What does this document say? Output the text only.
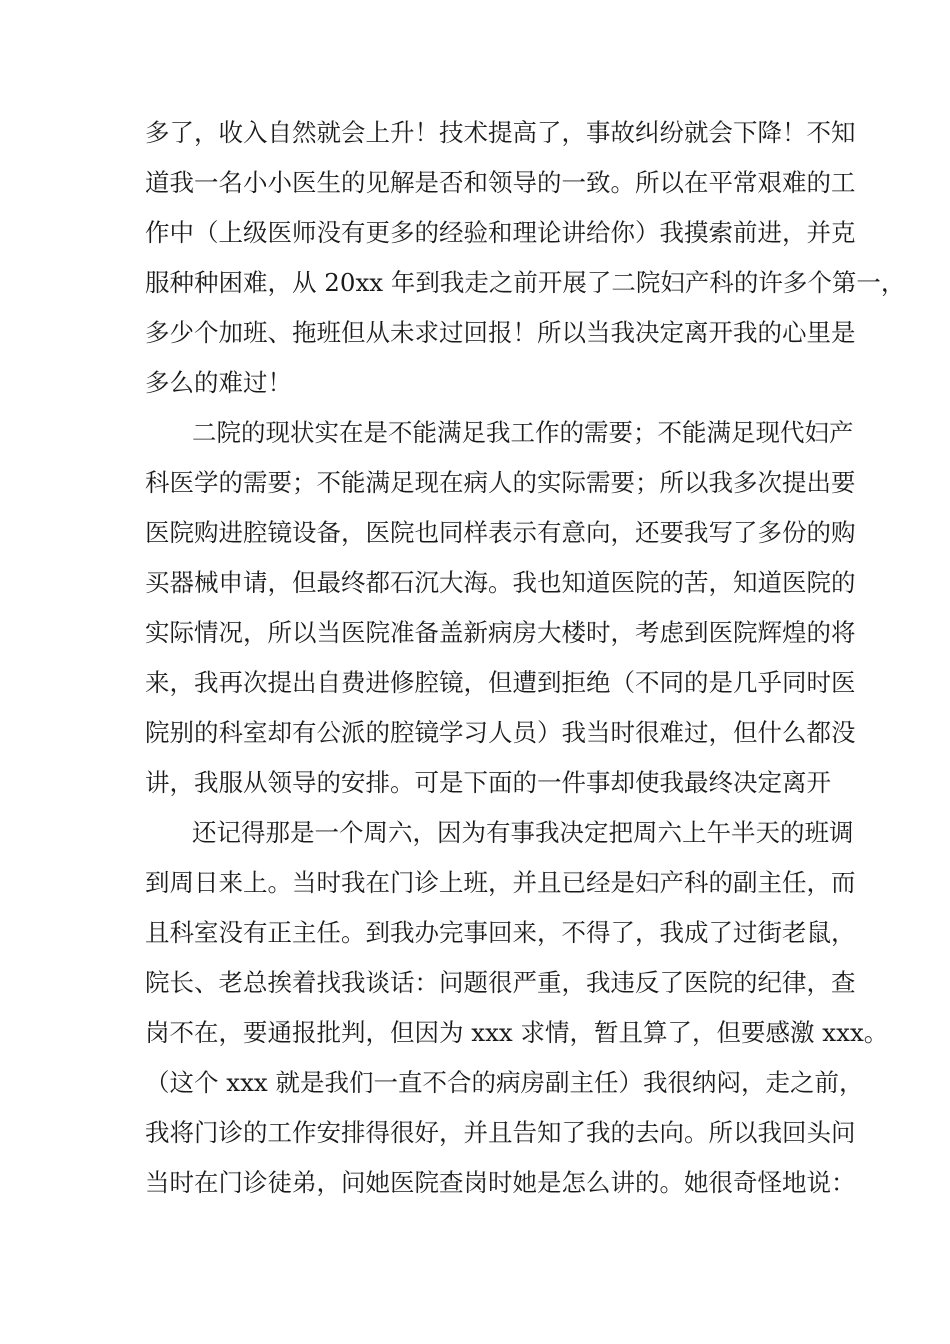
多了，收入自然就会上升！技术提高了，事故纠纷就会下降！不知
道我一名小小医生的见解是否和领导的一致。所以在平常艰难的工
作中（上级医师没有更多的经验和理论讲给你）我摸索前进，并克
服种种困难，从 20xx 年到我走之前开展了二院妇产科的许多个第一，
多少个加班、拖班但从未求过回报！所以当我决定离开我的心里是
多么的难过！
二院的现状实在是不能满足我工作的需要；不能满足现代妇产
科医学的需要；不能满足现在病人的实际需要；所以我多次提出要
医院购进腔镜设备，医院也同样表示有意向，还要我写了多份的购
买器械申请，但最终都石沉大海。我也知道医院的苦，知道医院的
实际情况，所以当医院准备盖新病房大楼时，考虑到医院辉煌的将
来，我再次提出自费进修腔镜，但遭到拒绝（不同的是几乎同时医
院别的科室却有公派的腔镜学习人员）我当时很难过，但什么都没
讲，我服从领导的安排。可是下面的一件事却使我最终决定离开
还记得那是一个周六，因为有事我决定把周六上午半天的班调
到周日来上。当时我在门诊上班，并且已经是妇产科的副主任，而
且科室没有正主任。到我办完事回来，不得了，我成了过街老鼠，
院长、老总挨着找我谈话：问题很严重，我违反了医院的纪律，查
岗不在，要通报批判，但因为 xxx 求情，暂且算了，但要感激 xxx。
（这个 xxx 就是我们一直不合的病房副主任）我很纳闷，走之前，
我将门诊的工作安排得很好，并且告知了我的去向。所以我回头问
当时在门诊徒弟，问她医院查岗时她是怎么讲的。她很奇怪地说：
